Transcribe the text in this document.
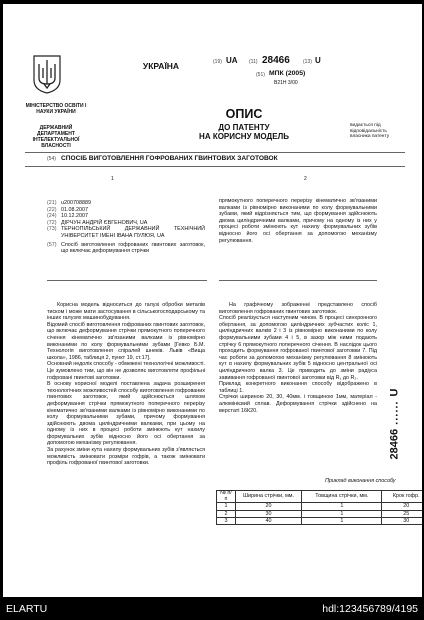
УКРАЇНА
МІНІСТЕРСТВО ОСВІТИ І НАУКИ УКРАЇНИ
ДЕРЖАВНИЙ ДЕПАРТАМЕНТ ІНТЕЛЕКТУАЛЬНОЇ ВЛАСНОСТІ
(19) UA (11) 28466	(13) U
(51) МПК (2005)
B21H 3/00
ОПИС
ДО ПАТЕНТУ
НА КОРИСНУ МОДЕЛЬ
видається під відповідальність власника патенту
(54) СПОСІБ ВИГОТОВЛЕННЯ ГОФРОВАНИХ ГВИНТОВИХ ЗАГОТОВОК
1	2
(21) u200708889
(22) 01.08.2007
(24) 10.12.2007
(72) ДІРЧУН АНДРІЙ ЄВГЕНОВИЧ, UA
(73) ТЕРНОПІЛЬСЬКИЙ ДЕРЖАВНИЙ ТЕХНІЧНИЙ УНІВЕРСИТЕТ ІМЕНІ ІВАНА ПУЛЮЯ, UA
(57) Спосіб виготовлення гофрованих гвинтових заготовок, що включає деформування стрічки
прямокутного поперечного перерізу кінематично зв'язаними валками із рівномірно виконаними по колу формувальними зубами, який відрізняється тим, що формування здійснюють двома циліндричними валками, причому на одному із них у процесі роботи змінюють кут нахилу формувальних зубів відносно його осі обертання за допомогою механізму регулювання.
Корисна модель відноситься до галузі обробки металів тиском і може мати застосування в сільськогосподарському та інших галузях машинобудування.
Відомий спосіб виготовлення гофрованих гвинтових заготовок, що включає деформування стрічки прямокутного поперечного січення кінематично зв'язаними валками із рівномірно виконаними по колу формувальними зубами [Гевко Б.М. Технологія виготовлення спіралей шнеків. Львів «Вища школа», 1986, таблиця 2, пункт 19, ст.17].
Основний недолік способу - обмежені технологічні можливості. Це зумовлено тим, що він не дозволяє виготовляти профільні гофровані гвинтові заготовки.
В основу корисної моделі поставлена задача розширення технологічних можливостей способу виготовлення гофрованих гвинтових заготовок, який здійснюється шляхом деформування стрічки прямокутного поперечного перерізу кінематично зв'язаними валками із рівномірно виконаними по колу формувальними зубами, причому формування здійснюють двома циліндричними валками, при цьому на одному із них в процесі роботи змінюють кут нахилу формувальних зубів відносно його осі обертання за допомогою механізму регулювання.
За рахунок зміни кута нахилу формувальних зубів з'являється можливість змінювати розміри гофрів, а також змінювати профіль гофрованої гвинтової заготовки.
На графічному зображенні представлено спосіб виготовлення гофрованих гвинтових заготовок.
Спосіб реалізується наступним чином. В процесі синхронного обертання, за допомогою циліндричних зубчастих коліс 1, циліндричних валків 2 і 3 із рівномірно виконаними по колу формувальними зубами 4 і 5, в зазор між ними подають стрічку 6 прямокутного поперечного січення. В наслідок цього проходить формування гофрованої гвинтової заготовки 7. Під час роботи за допомогою механізму регулювання 8 змінюють кут α нахилу формувальних зубів 5 відносно центральної осі циліндричного валка 3. Це приводить до зміни радіуса завивання гофрованої гвинтової заготовки від R₁ до R₂.
Приклад конкретного виконання способу відображено в таблиці 1.
Стрічки шириною 20, 30, 40мм. і товщиною 1мм, матеріал - алюмінієвий сплав. Деформування стрічки здійснено на верстаті 16К20.
28466 ...... U
Приклад виконання способу
№ п/п	Ширина стрічки, мм.	Товщина стрічки, мм.	Крок гофр.
1	20	1	20
2	30	1	25
3	40	1	30
ELARTU	hdl:123456789/4195
